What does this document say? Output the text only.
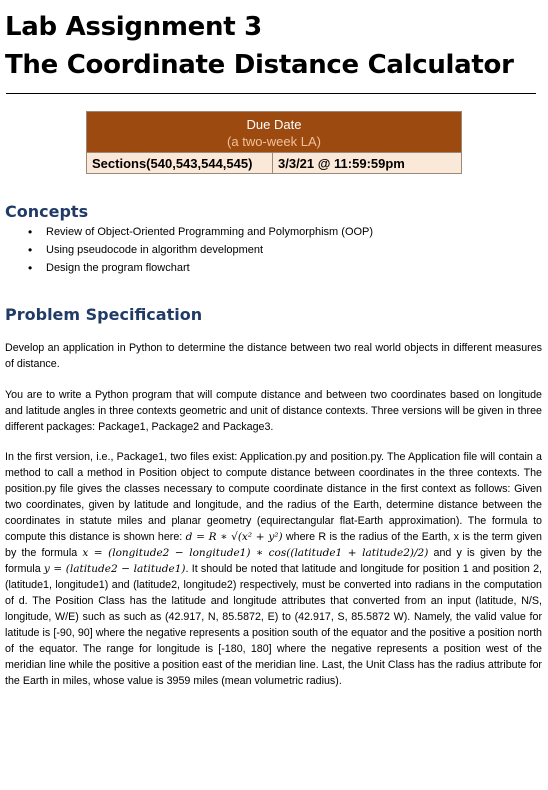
Lab Assignment 3
The Coordinate Distance Calculator
Due Date
(a two-week LA)

Sections(540,543,544,545)	3/3/21 @ 11:59:59pm
Concepts
• Review of Object-Oriented Programming and Polymorphism (OOP)
• Using pseudocode in algorithm development
• Design the program flowchart
Problem Specification

Develop an application in Python to determine the distance between two real world objects in different measures of distance.

You are to write a Python program that will compute distance and between two coordinates based on longitude and latitude angles in three contexts geometric and unit of distance contexts. Three versions will be given in three different packages: Package1, Package2 and Package3.

In the first version, i.e., Package1, two files exist: Application.py and position.py. The Application file will contain a method to call a method in Position object to compute distance between coordinates in the three contexts. The position.py file gives the classes necessary to compute coordinate distance in the first context as follows: Given two coordinates, given by latitude and longitude, and the radius of the Earth, determine distance between the coordinates in statute miles and planar geometry (equirectangular flat-Earth approximation). The formula to compute this distance is shown here: d = R ∗ √(x² + y²) where R is the radius of the Earth, x is the term given by the formula x = (longitude2 − longitude1) ∗ cos((latitude1 + latitude2)/2) and y is given by the formula y = (latitude2 − latitude1). It should be noted that latitude and longitude for position 1 and position 2, (latitude1, longitude1) and (latitude2, longitude2) respectively, must be converted into radians in the computation of d. The Position Class has the latitude and longitude attributes that converted from an input (latitude, N/S, longitude, W/E) such as such as (42.917, N, 85.5872, E) to (42.917, S, 85.5872 W). Namely, the valid value for latitude is [-90, 90] where the negative represents a position south of the equator and the positive a position north of the equator. The range for longitude is [-180, 180] where the negative represents a position west of the meridian line while the positive a position east of the meridian line. Last, the Unit Class has the radius attribute for the Earth in miles, whose value is 3959 miles (mean volumetric radius).
